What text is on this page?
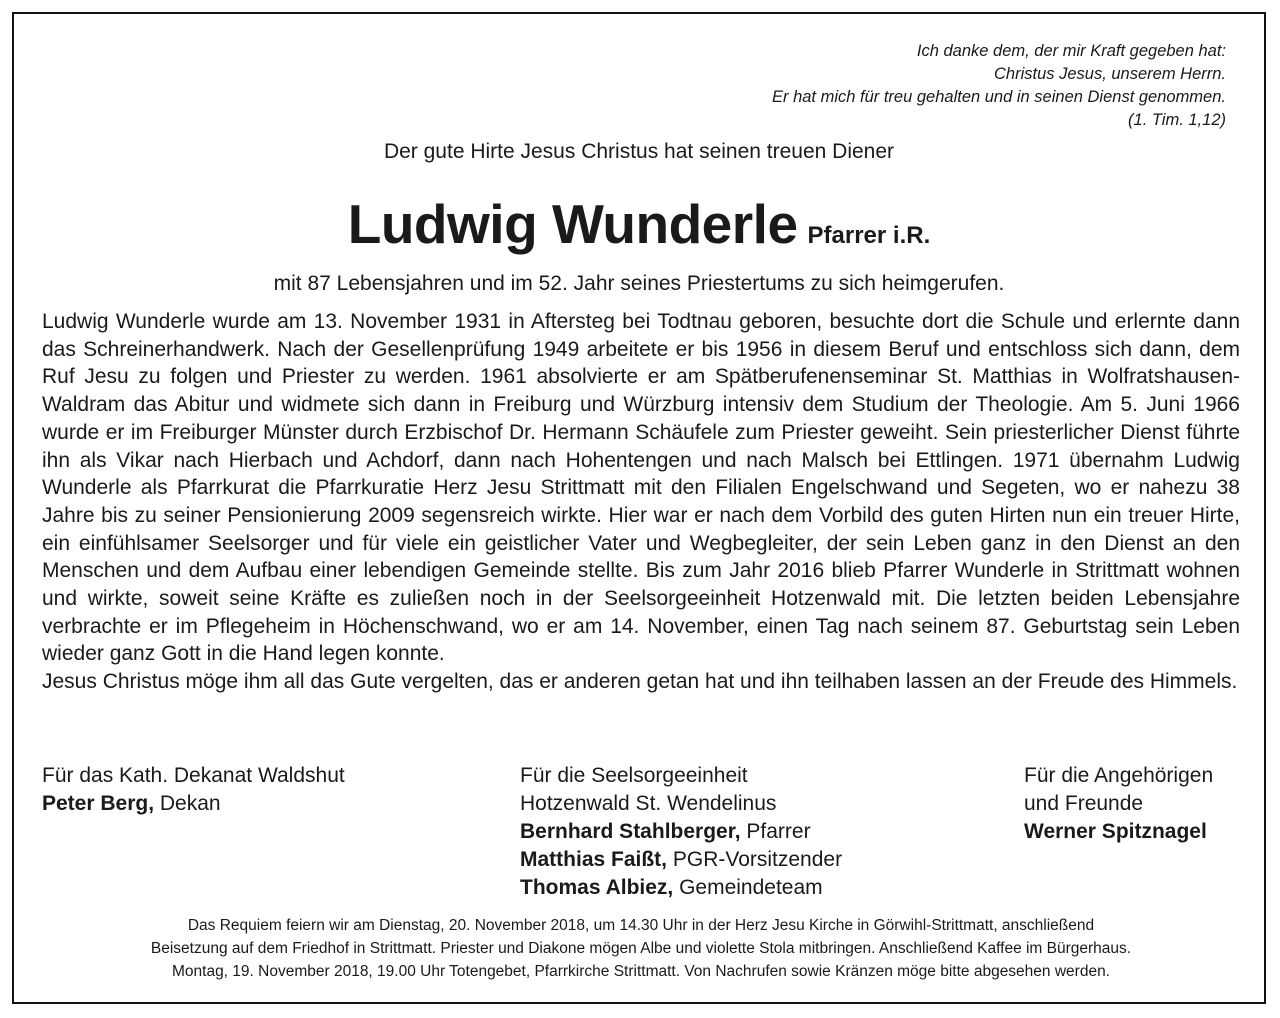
Ich danke dem, der mir Kraft gegeben hat:
Christus Jesus, unserem Herrn.
Er hat mich für treu gehalten und in seinen Dienst genommen.
(1. Tim. 1,12)
Der gute Hirte Jesus Christus hat seinen treuen Diener
Ludwig Wunderle Pfarrer i.R.
mit 87 Lebensjahren und im 52. Jahr seines Priestertums zu sich heimgerufen.

Ludwig Wunderle wurde am 13. November 1931 in Aftersteg bei Todtnau geboren, besuchte dort die Schule und erlernte dann das Schreinerhandwerk. Nach der Gesellenprüfung 1949 arbeitete er bis 1956 in diesem Beruf und entschloss sich dann, dem Ruf Jesu zu folgen und Priester zu werden. 1961 absolvierte er am Spätberufenenseminar St. Matthias in Wolfratshausen-Waldram das Abitur und widmete sich dann in Freiburg und Würzburg intensiv dem Studium der Theologie. Am 5. Juni 1966 wurde er im Freiburger Münster durch Erzbischof Dr. Hermann Schäufele zum Priester geweiht. Sein priesterlicher Dienst führte ihn als Vikar nach Hierbach und Achdorf, dann nach Hohentengen und nach Malsch bei Ettlingen. 1971 übernahm Ludwig Wunderle als Pfarrkurat die Pfarrkuratie Herz Jesu Strittmatt mit den Filialen Engelschwand und Segeten, wo er nahezu 38 Jahre bis zu seiner Pensionierung 2009 segensreich wirkte. Hier war er nach dem Vorbild des guten Hirten nun ein treuer Hirte, ein einfühlsamer Seelsorger und für viele ein geistlicher Vater und Wegbegleiter, der sein Leben ganz in den Dienst an den Menschen und dem Aufbau einer lebendigen Gemeinde stellte. Bis zum Jahr 2016 blieb Pfarrer Wunderle in Strittmatt wohnen und wirkte, soweit seine Kräfte es zuließen noch in der Seelsorgeeinheit Hotzenwald mit. Die letzten beiden Lebensjahre verbrachte er im Pflegeheim in Höchenschwand, wo er am 14. November, einen Tag nach seinem 87. Geburtstag sein Leben wieder ganz Gott in die Hand legen konnte.

Jesus Christus möge ihm all das Gute vergelten, das er anderen getan hat und ihn teilhaben lassen an der Freude des Himmels.

Für das Kath. Dekanat Waldshut
Peter Berg, Dekan
Für die Seelsorgeeinheit
Hotzenwald St. Wendelinus
Bernhard Stahlberger, Pfarrer
Matthias Faißt, PGR-Vorsitzender
Thomas Albiez, Gemeindeteam
Für die Angehörigen
und Freunde
Werner Spitznagel
Das Requiem feiern wir am Dienstag, 20. November 2018, um 14.30 Uhr in der Herz Jesu Kirche in Görwihl-Strittmatt, anschließend
Beisetzung auf dem Friedhof in Strittmatt. Priester und Diakone mögen Albe und violette Stola mitbringen. Anschließend Kaffee im Bürgerhaus.
Montag, 19. November 2018, 19.00 Uhr Totengebet, Pfarrkirche Strittmatt. Von Nachrufen sowie Kränzen möge bitte abgesehen werden.
